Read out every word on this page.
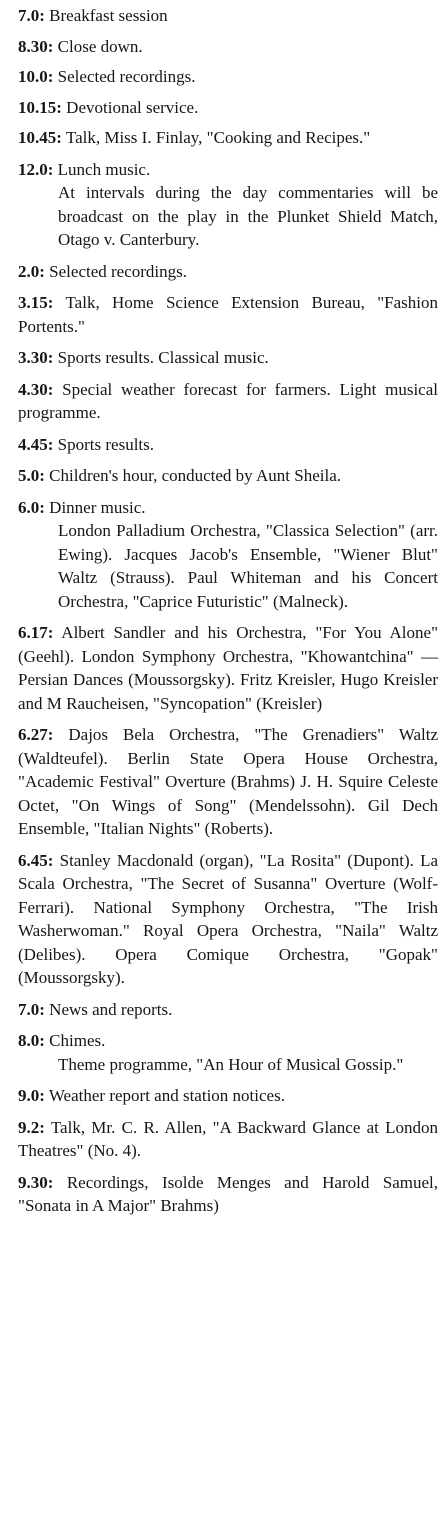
7.0: Breakfast session
8.30: Close down.
10.0: Selected recordings.
10.15: Devotional service.
10.45: Talk, Miss I. Finlay, "Cooking and Recipes."
12.0: Lunch music.
At intervals during the day commentaries will be broadcast on the play in the Plunket Shield Match, Otago v. Canterbury.
2.0: Selected recordings.
3.15: Talk, Home Science Extension Bureau, "Fashion Portents."
3.30: Sports results. Classical music.
4.30: Special weather forecast for farmers. Light musical programme.
4.45: Sports results.
5.0: Children's hour, conducted by Aunt Sheila.
6.0: Dinner music.
London Palladium Orchestra, "Classica Selection" (arr. Ewing). Jacques Jacob's Ensemble, "Wiener Blut" Waltz (Strauss). Paul Whiteman and his Concert Orchestra, "Caprice Futuristic" (Malneck).
6.17: Albert Sandler and his Orchestra, "For You Alone" (Geehl). London Symphony Orchestra, "Khowantchina" —Persian Dances (Moussorgsky). Fritz Kreisler, Hugo Kreisler and M Raucheisen, "Syncopation" (Kreisler)
6.27: Dajos Bela Orchestra, "The Grenadiers" Waltz (Waldteufel). Berlin State Opera House Orchestra, "Academic Festival" Overture (Brahms) J. H. Squire Celeste Octet, "On Wings of Song" (Mendelssohn). Gil Dech Ensemble, "Italian Nights" (Roberts).
6.45: Stanley Macdonald (organ), "La Rosita" (Dupont). La Scala Orchestra, "The Secret of Susanna" Overture (Wolf-Ferrari). National Symphony Orchestra, "The Irish Washerwoman." Royal Opera Orchestra, "Naila" Waltz (Delibes). Opera Comique Orchestra, "Gopak" (Moussorgsky).
7.0: News and reports.
8.0: Chimes.
Theme programme, "An Hour of Musical Gossip."
9.0: Weather report and station notices.
9.2: Talk, Mr. C. R. Allen, "A Backward Glance at London Theatres" (No. 4).
9.30: Recordings, Isolde Menges and Harold Samuel, "Sonata in A Major" Brahms)
